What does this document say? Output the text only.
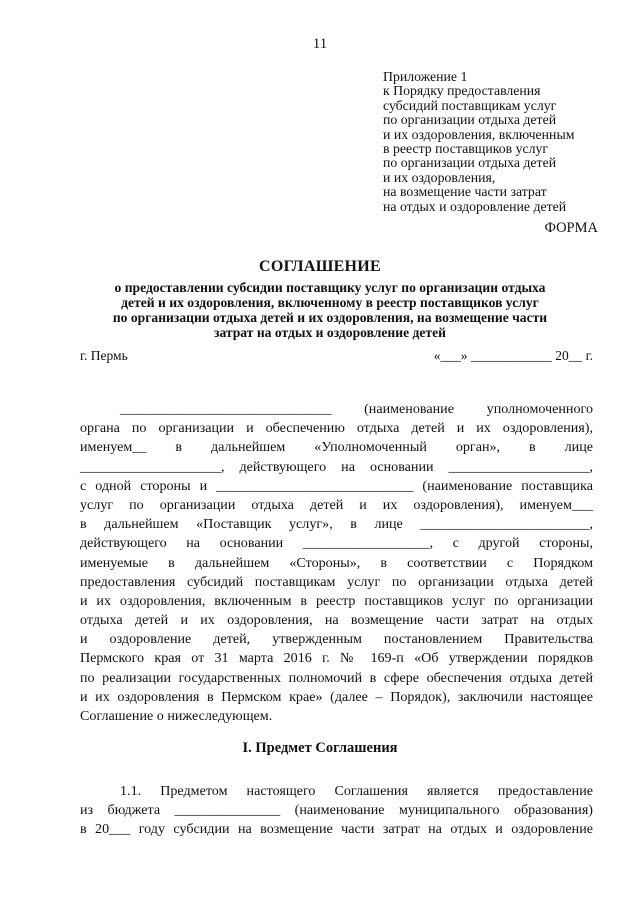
11
Приложение 1
к Порядку предоставления
субсидий поставщикам услуг
по организации отдыха детей
и их оздоровления, включенным
в реестр поставщиков услуг
по организации отдыха детей
и их оздоровления,
на возмещение части затрат
на отдых и оздоровление детей
ФОРМА
СОГЛАШЕНИЕ
о предоставлении субсидии поставщику услуг по организации отдыха
детей и их оздоровления, включенному в реестр поставщиков услуг
по организации отдыха детей и их оздоровления, на возмещение части
затрат на отдых и оздоровление детей
г. Пермь	«___» ____________ 20__ г.
______________________________ (наименование уполномоченного
органа по организации и обеспечению отдыха детей и их оздоровления),
именуем__ в дальнейшем «Уполномоченный орган», в лице
____________________, действующего на основании ____________________,
с одной стороны и ____________________________ (наименование поставщика
услуг по организации отдыха детей и их оздоровления), именуем___
в дальнейшем «Поставщик услуг», в лице ________________________,
действующего на основании __________________, с другой стороны,
именуемые в дальнейшем «Стороны», в соответствии с Порядком
предоставления субсидий поставщикам услуг по организации отдыха детей
и их оздоровления, включенным в реестр поставщиков услуг по организации
отдыха детей и их оздоровления, на возмещение части затрат на отдых
и оздоровление детей, утвержденным постановлением Правительства
Пермского края от 31 марта 2016 г. № 169-п «Об утверждении порядков
по реализации государственных полномочий в сфере обеспечения отдыха детей
и их оздоровления в Пермском крае» (далее – Порядок), заключили настоящее
Соглашение о нижеследующем.
I. Предмет Соглашения
1.1. Предметом настоящего Соглашения является предоставление
из бюджета _______________ (наименование муниципального образования)
в 20___ году субсидии на возмещение части затрат на отдых и оздоровление
